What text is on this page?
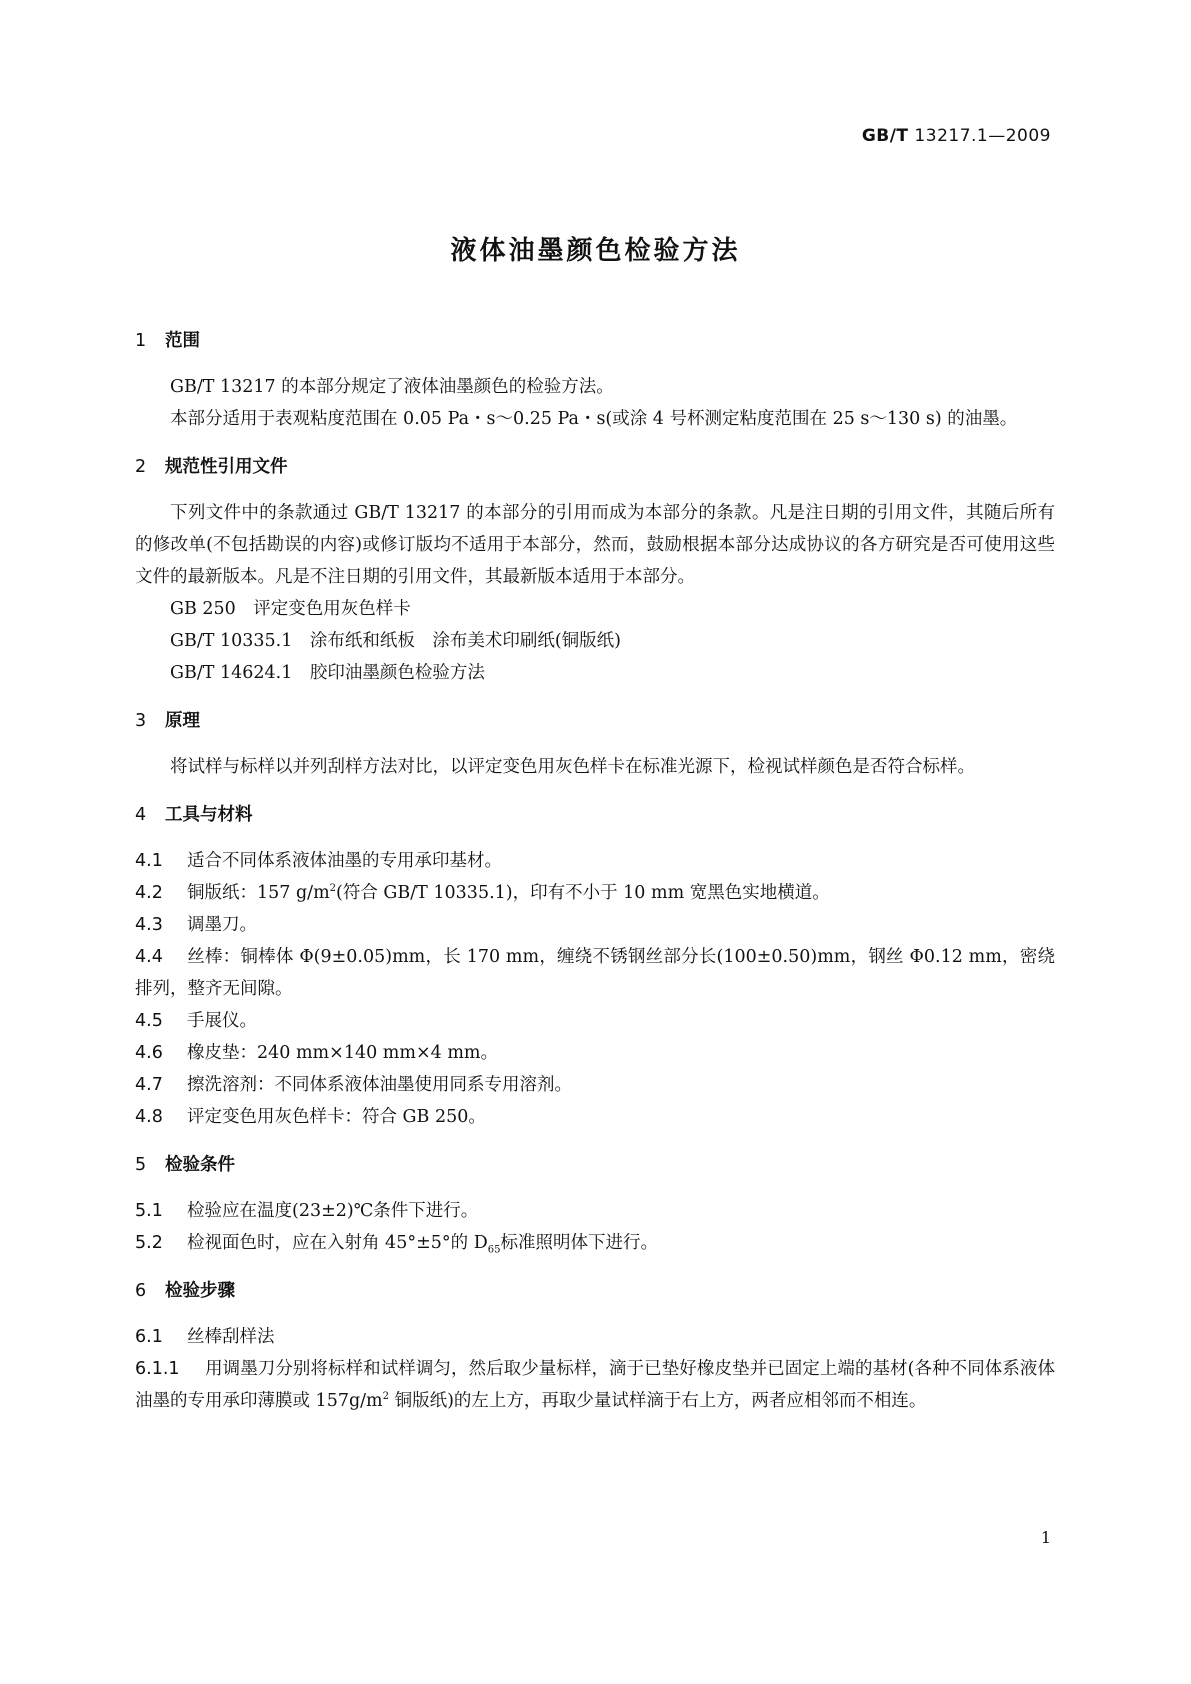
GB/T 13217.1—2009
液体油墨颜色检验方法
1 范围

GB/T 13217 的本部分规定了液体油墨颜色的检验方法。

本部分适用于表观粘度范围在 0.05 Pa・s～0.25 Pa・s(或涂 4 号杯测定粘度范围在 25 s～130 s) 的油墨。

2 规范性引用文件

下列文件中的条款通过 GB/T 13217 的本部分的引用而成为本部分的条款。凡是注日期的引用文件，其随后所有的修改单(不包括勘误的内容)或修订版均不适用于本部分，然而，鼓励根据本部分达成协议的各方研究是否可使用这些文件的最新版本。凡是不注日期的引用文件，其最新版本适用于本部分。

GB 250　评定变色用灰色样卡

GB/T 10335.1　涂布纸和纸板　涂布美术印刷纸(铜版纸)

GB/T 14624.1　胶印油墨颜色检验方法

3 原理

将试样与标样以并列刮样方法对比，以评定变色用灰色样卡在标准光源下，检视试样颜色是否符合标样。

4 工具与材料

4.1 适合不同体系液体油墨的专用承印基材。

4.2 铜版纸：157 $g/m^2$(符合 GB/T 10335.1)，印有不小于 10 mm 宽黑色实地横道。

4.3 调墨刀。

4.4 丝棒：铜棒体 Φ(9±0.05)mm，长 170 mm，缠绕不锈钢丝部分长(100±0.50)mm，钢丝 Φ0.12 mm，密绕排列，整齐无间隙。

4.5 手展仪。

4.6 橡皮垫：240 mm×140 mm×4 mm。

4.7 擦洗溶剂：不同体系液体油墨使用同系专用溶剂。

4.8 评定变色用灰色样卡：符合 GB 250。

5 检验条件

5.1 检验应在温度(23±2)℃条件下进行。

5.2 检视面色时，应在入射角 45°±5°的 $D_{65}$标准照明体下进行。

6 检验步骤

6.1 丝棒刮样法

6.1.1 用调墨刀分别将标样和试样调匀，然后取少量标样，滴于已垫好橡皮垫并已固定上端的基材(各种不同体系液体油墨的专用承印薄膜或 $157g/m^2$ 铜版纸)的左上方，再取少量试样滴于右上方，两者应相邻而不相连。

1
